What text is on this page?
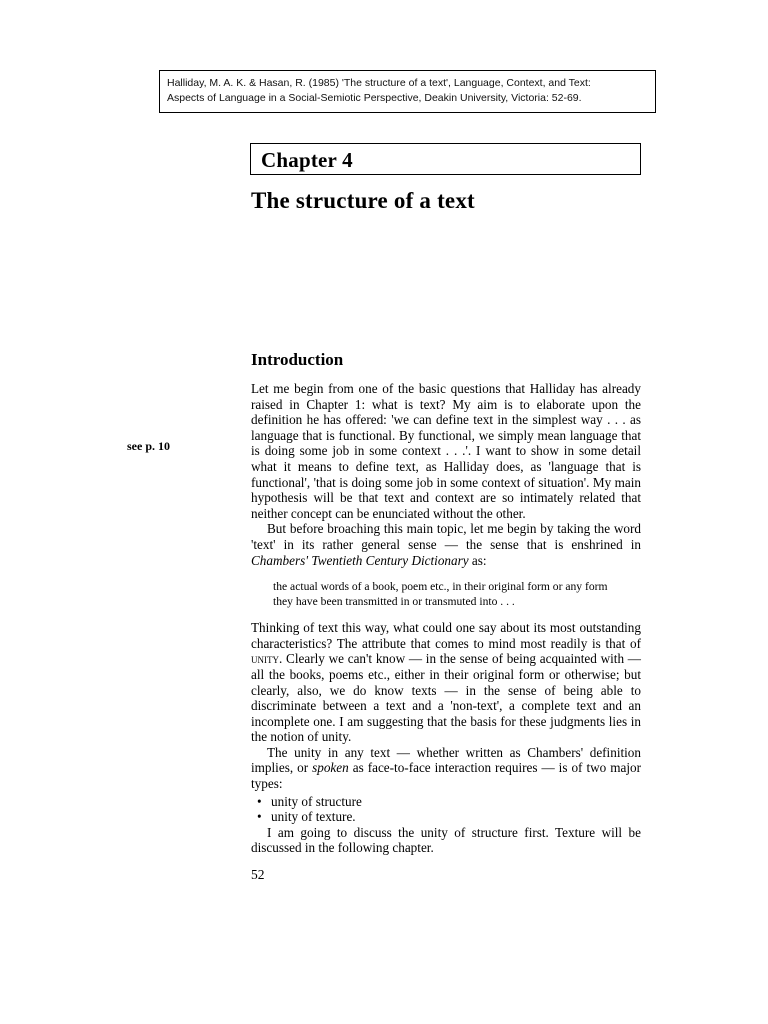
Halliday, M. A. K. & Hasan, R. (1985) 'The structure of a text', Language, Context, and Text:
Aspects of Language in a Social-Semiotic Perspective, Deakin University, Victoria: 52-69.
Chapter 4
The structure of a text
Introduction
see p. 10

Let me begin from one of the basic questions that Halliday has already raised in Chapter 1: what is text? My aim is to elaborate upon the definition he has offered: 'we can define text in the simplest way . . . as language that is functional. By functional, we simply mean language that is doing some job in some context . . .'. I want to show in some detail what it means to define text, as Halliday does, as 'language that is functional', 'that is doing some job in some context of situation'. My main hypothesis will be that text and context are so intimately related that neither concept can be enunciated without the other.

But before broaching this main topic, let me begin by taking the word 'text' in its rather general sense — the sense that is enshrined in Chambers' Twentieth Century Dictionary as:

the actual words of a book, poem etc., in their original form or any form
they have been transmitted in or transmuted into . . .

Thinking of text this way, what could one say about its most outstanding characteristics? The attribute that comes to mind most readily is that of unity. Clearly we can't know — in the sense of being acquainted with — all the books, poems etc., either in their original form or otherwise; but clearly, also, we do know texts — in the sense of being able to discriminate between a text and a 'non-text', a complete text and an incomplete one. I am suggesting that the basis for these judgments lies in the notion of unity.

The unity in any text — whether written as Chambers' definition implies, or spoken as face-to-face interaction requires — is of two major types:

• unity of structure
• unity of texture.

I am going to discuss the unity of structure first. Texture will be discussed in the following chapter.

52
